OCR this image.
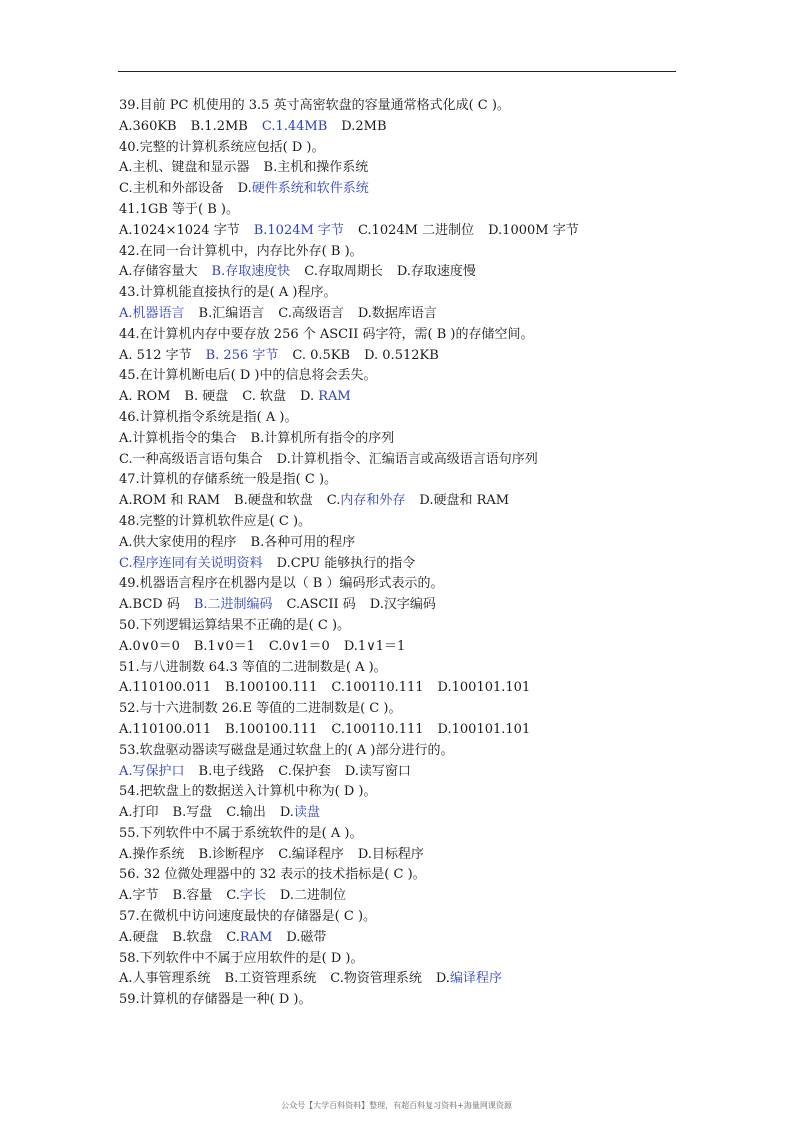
39.目前 PC 机使用的 3.5 英寸高密软盘的容量通常格式化成( C )。
A.360KB B.1.2MB C.1.44MB D.2MB
40.完整的计算机系统应包括( D )。
A.主机、键盘和显示器 B.主机和操作系统
C.主机和外部设备 D.硬件系统和软件系统
41.1GB 等于( B )。
A.1024×1024 字节 B.1024M 字节 C.1024M 二进制位 D.1000M 字节
42.在同一台计算机中，内存比外存( B )。
A.存储容量大 B.存取速度快 C.存取周期长 D.存取速度慢
43.计算机能直接执行的是( A )程序。
A.机器语言 B.汇编语言 C.高级语言 D.数据库语言
44.在计算机内存中要存放 256 个 ASCII 码字符，需( B )的存储空间。
A. 512 字节 B. 256 字节 C. 0.5KB D. 0.512KB
45.在计算机断电后( D )中的信息将会丢失。
A. ROM B. 硬盘 C. 软盘 D. RAM
46.计算机指令系统是指( A )。
A.计算机指令的集合 B.计算机所有指令的序列
C.一种高级语言语句集合 D.计算机指令、汇编语言或高级语言语句序列
47.计算机的存储系统一般是指( C )。
A.ROM 和 RAM B.硬盘和软盘 C.内存和外存 D.硬盘和 RAM
48.完整的计算机软件应是( C )。
A.供大家使用的程序 B.各种可用的程序
C.程序连同有关说明资料 D.CPU 能够执行的指令
49.机器语言程序在机器内是以（ B ）编码形式表示的。
A.BCD 码 B.二进制编码 C.ASCII 码 D.汉字编码
50.下列逻辑运算结果不正确的是( C )。
A.0∨0＝0 B.1∨0＝1 C.0∨1＝0 D.1∨1＝1
51.与八进制数 64.3 等值的二进制数是( A )。
A.110100.011 B.100100.111 C.100110.111 D.100101.101
52.与十六进制数 26.E 等值的二进制数是( C )。
A.110100.011 B.100100.111 C.100110.111 D.100101.101
53.软盘驱动器读写磁盘是通过软盘上的( A )部分进行的。
A.写保护口 B.电子线路 C.保护套 D.读写窗口
54.把软盘上的数据送入计算机中称为( D )。
A.打印 B.写盘 C.输出 D.读盘
55.下列软件中不属于系统软件的是( A )。
A.操作系统 B.诊断程序 C.编译程序 D.目标程序
56. 32 位微处理器中的 32 表示的技术指标是( C )。
A.字节 B.容量 C.字长 D.二进制位
57.在微机中访问速度最快的存储器是( C )。
A.硬盘 B.软盘 C.RAM D.磁带
58.下列软件中不属于应用软件的是( D )。
A.人事管理系统 B.工资管理系统 C.物资管理系统 D.编译程序
59.计算机的存储器是一种( D )。
公众号【大学百科资料】整理，有超百科复习资料+海量网课资源
